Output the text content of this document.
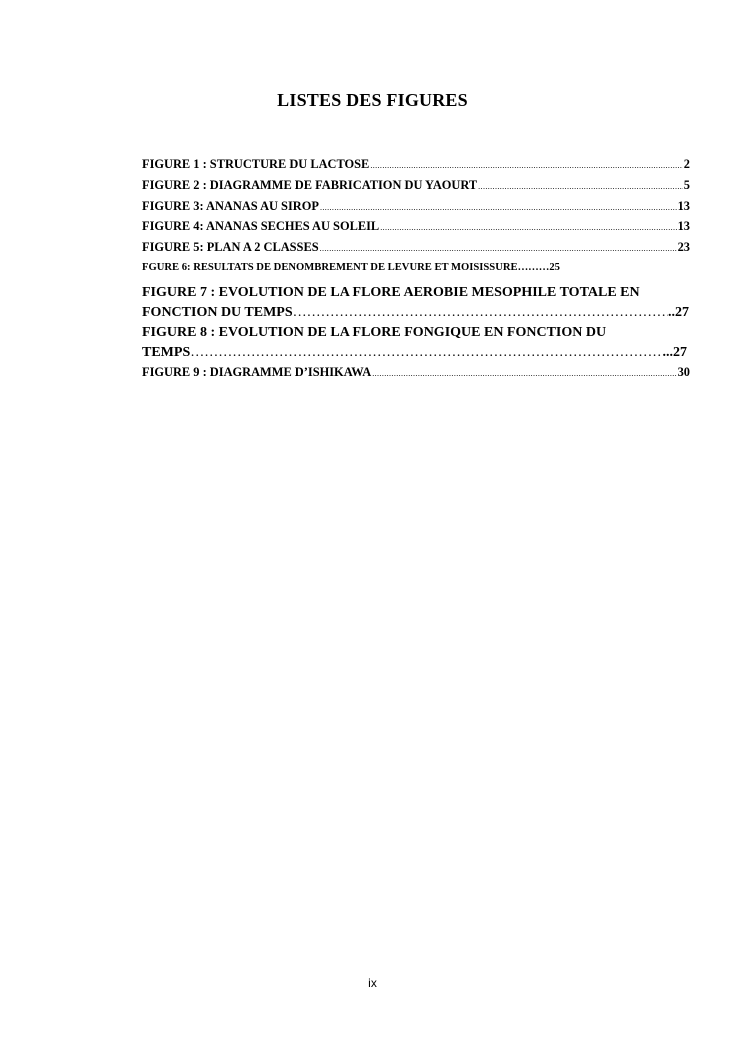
LISTES DES FIGURES
FIGURE 1 : STRUCTURE DU LACTOSE .....	2
FIGURE 2 : DIAGRAMME DE FABRICATION DU YAOURT .....	5
FIGURE 3: ANANAS AU SIROP .....	13
FIGURE 4: ANANAS SECHES AU SOLEIL .....	13
FIGURE 5: PLAN A 2 CLASSES .....	23
FGURE 6: RESULTATS DE DENOMBREMENT DE LEVURE ET MOISISSURE……… 25
FIGURE 7 : EVOLUTION DE LA FLORE AEROBIE MESOPHILE TOTALE EN
FONCTION DU TEMPS …………………………………………………………………………………………………………………………………………………………………………	..27
FIGURE 8 : EVOLUTION DE LA FLORE FONGIQUE EN FONCTION DU
TEMPS …………………………………………………………………………………………………………………………………………………………………………	...27
FIGURE 9 : DIAGRAMME D’ISHIKAWA .....	30
ix
